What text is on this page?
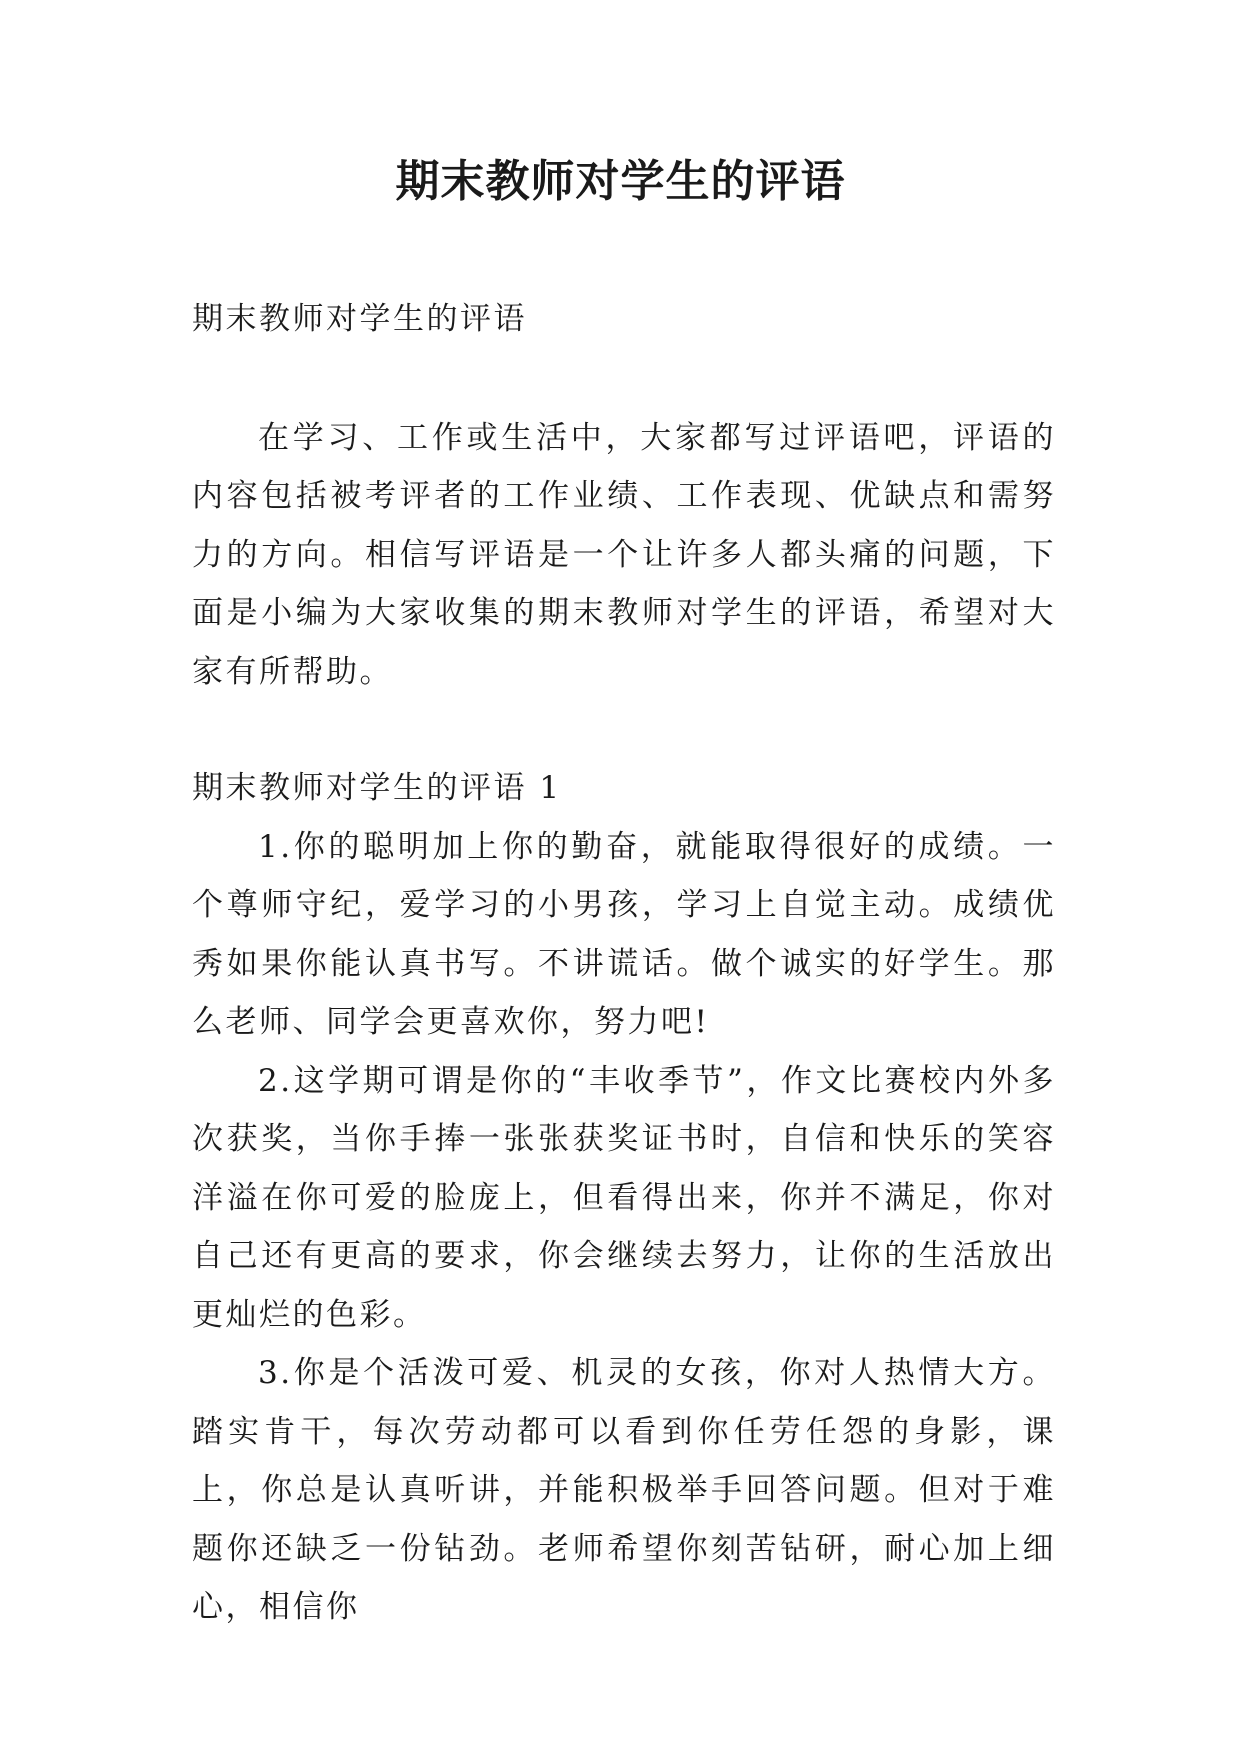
期末教师对学生的评语

期末教师对学生的评语

在学习、工作或生活中，大家都写过评语吧，评语的内容包括被考评者的工作业绩、工作表现、优缺点和需努力的方向。相信写评语是一个让许多人都头痛的问题，下面是小编为大家收集的期末教师对学生的评语，希望对大家有所帮助。

期末教师对学生的评语 1

1.你的聪明加上你的勤奋，就能取得很好的成绩。一个尊师守纪，爱学习的小男孩，学习上自觉主动。成绩优秀如果你能认真书写。不讲谎话。做个诚实的好学生。那么老师、同学会更喜欢你，努力吧!

2.这学期可谓是你的“丰收季节”，作文比赛校内外多次获奖，当你手捧一张张获奖证书时，自信和快乐的笑容洋溢在你可爱的脸庞上，但看得出来，你并不满足，你对自己还有更高的要求，你会继续去努力，让你的生活放出更灿烂的色彩。

3.你是个活泼可爱、机灵的女孩，你对人热情大方。踏实肯干，每次劳动都可以看到你任劳任怨的身影，课上，你总是认真听讲，并能积极举手回答问题。但对于难题你还缺乏一份钻劲。老师希望你刻苦钻研，耐心加上细心，相信你
